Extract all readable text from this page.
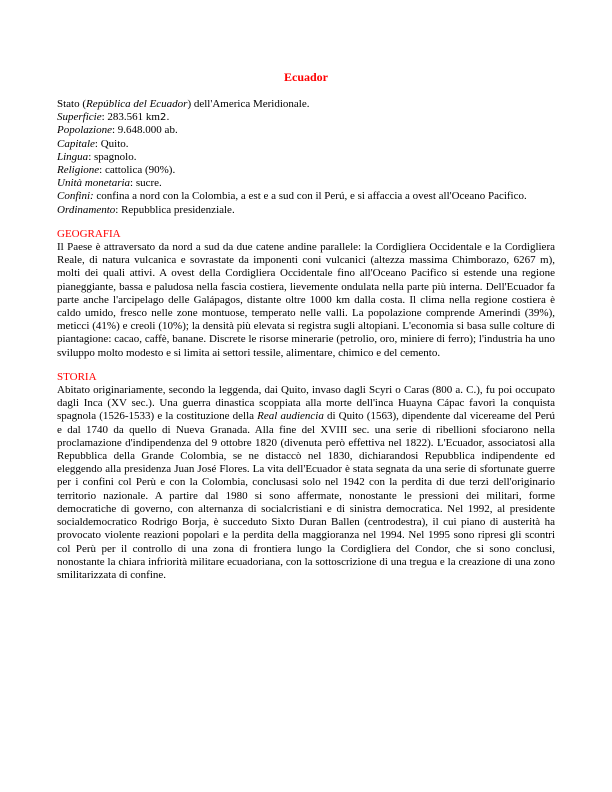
Ecuador
Stato (República del Ecuador) dell'America Meridionale.
Superficie: 283.561 km2.
Popolazione: 9.648.000 ab.
Capitale: Quito.
Lingua: spagnolo.
Religione: cattolica (90%).
Unità monetaria: sucre.
Confini: confina a nord con la Colombia, a est e a sud con il Perú, e si affaccia a ovest all'Oceano Pacifico.
Ordinamento: Repubblica presidenziale.
GEOGRAFIA

Il Paese è attraversato da nord a sud da due catene andine parallele: la Cordigliera Occidentale e la Cordigliera Reale, di natura vulcanica e sovrastate da imponenti coni vulcanici (altezza massima Chimborazo, 6267 m), molti dei quali attivi. A ovest della Cordigliera Occidentale fino all'Oceano Pacifico si estende una regione pianeggiante, bassa e paludosa nella fascia costiera, lievemente ondulata nella parte più interna. Dell'Ecuador fa parte anche l'arcipelago delle Galápagos, distante oltre 1000 km dalla costa. Il clima nella regione costiera è caldo umido, fresco nelle zone montuose, temperato nelle valli. La popolazione comprende Amerindi (39%), meticci (41%) e creoli (10%); la densità più elevata si registra sugli altopiani. L'economia si basa sulle colture di piantagione: cacao, caffè, banane. Discrete le risorse minerarie (petrolio, oro, miniere di ferro); l'industria ha uno sviluppo molto modesto e si limita ai settori tessile, alimentare, chimico e del cemento.

STORIA

Abitato originariamente, secondo la leggenda, dai Quito, invaso dagli Scyri o Caras (800 a. C.), fu poi occupato dagli Inca (XV sec.). Una guerra dinastica scoppiata alla morte dell'inca Huayna Cápac favorì la conquista spagnola (1526-1533) e la costituzione della Real audiencia di Quito (1563), dipendente dal vicereame del Perú e dal 1740 da quello di Nueva Granada. Alla fine del XVIII sec. una serie di ribellioni sfociarono nella proclamazione d'indipendenza del 9 ottobre 1820 (divenuta però effettiva nel 1822). L'Ecuador, associatosi alla Repubblica della Grande Colombia, se ne distaccò nel 1830, dichiarandosi Repubblica indipendente ed eleggendo alla presidenza Juan José Flores. La vita dell'Ecuador è stata segnata da una serie di sfortunate guerre per i confini col Perù e con la Colombia, conclusasi solo nel 1942 con la perdita di due terzi dell'originario territorio nazionale. A partire dal 1980 si sono affermate, nonostante le pressioni dei militari, forme democratiche di governo, con alternanza di socialcristiani e di sinistra democratica. Nel 1992, al presidente socialdemocratico Rodrigo Borja, è succeduto Sixto Duran Ballen (centrodestra), il cui piano di austerità ha provocato violente reazioni popolari e la perdita della maggioranza nel 1994. Nel 1995 sono ripresi gli scontri col Perù per il controllo di una zona di frontiera lungo la Cordigliera del Condor, che si sono conclusi, nonostante la chiara infriorità militare ecuadoriana, con la sottoscrizione di una tregua e la creazione di una zono smilitarizzata di confine.
